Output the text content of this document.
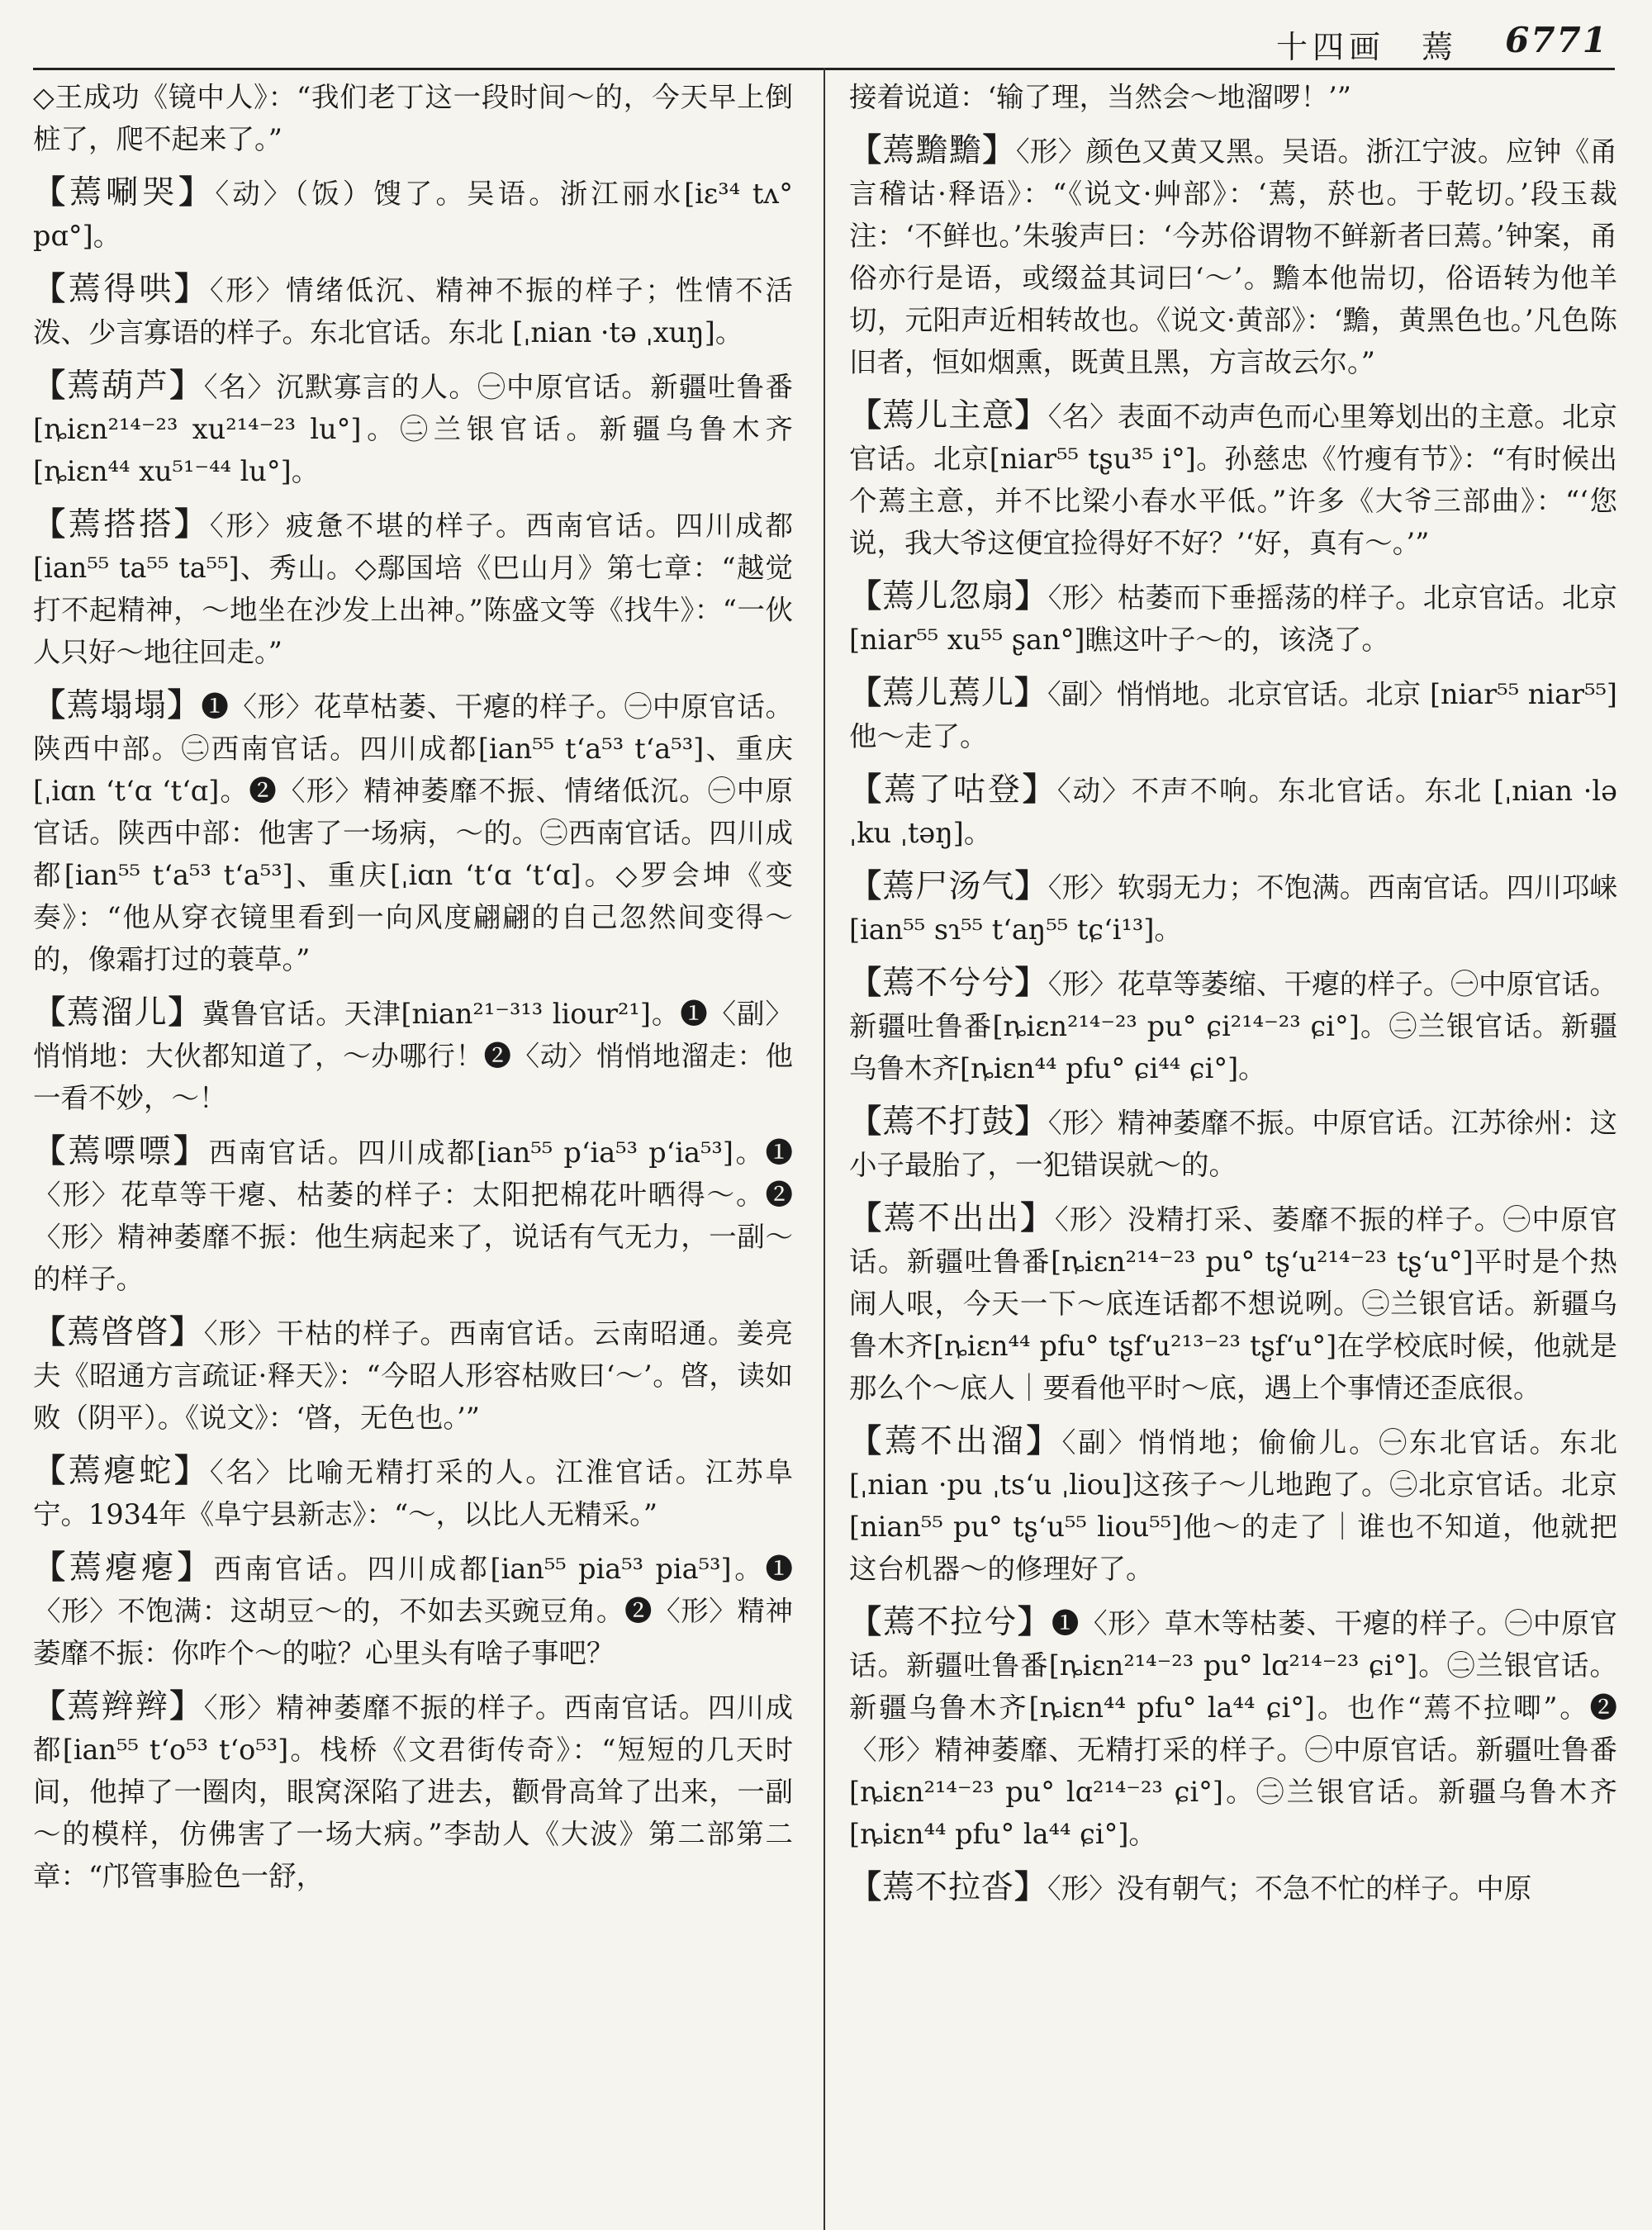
十四画　蔫 6771
◇王成功《镜中人》：“我们老丁这一段时间～的，今天早上倒桩了，爬不起来了。”
【蔫唰哭】〈动〉（饭）馊了。吴语。浙江丽水[iɛ³⁴ tʌ° pɑ°]。
【蔫得哄】〈形〉情绪低沉、精神不振的样子；性情不活泼、少言寡语的样子。东北官话。东北 [ˌnian ·tə ˌxuŋ]。
【蔫葫芦】〈名〉沉默寡言的人。㊀中原官话。新疆吐鲁番[ȵiɛn²¹⁴⁻²³ xu²¹⁴⁻²³ lu°]。㊁兰银官话。新疆乌鲁木齐[ȵiɛn⁴⁴ xu⁵¹⁻⁴⁴ lu°]。
【蔫搭搭】〈形〉疲惫不堪的样子。西南官话。四川成都[ian⁵⁵ ta⁵⁵ ta⁵⁵]、秀山。◇鄢国培《巴山月》第七章：“越觉打不起精神，～地坐在沙发上出神。”陈盛文等《找牛》：“一伙人只好～地往回走。”
【蔫塌塌】❶〈形〉花草枯萎、干瘪的样子。㊀中原官话。陕西中部。㊁西南官话。四川成都[ian⁵⁵ tʻa⁵³ tʻa⁵³]、重庆[ˌiɑn ʻtʻɑ ʻtʻɑ]。❷〈形〉精神萎靡不振、情绪低沉。㊀中原官话。陕西中部：他害了一场病，～的。㊁西南官话。四川成都[ian⁵⁵ tʻa⁵³ tʻa⁵³]、重庆[ˌiɑn ʻtʻɑ ʻtʻɑ]。◇罗会坤《变奏》：“他从穿衣镜里看到一向风度翩翩的自己忽然间变得～的，像霜打过的蓑草。”
【蔫溜儿】冀鲁官话。天津[nian²¹⁻³¹³ liour²¹]。❶〈副〉悄悄地：大伙都知道了，～办哪行！❷〈动〉悄悄地溜走：他一看不妙，～！
【蔫嘌嘌】西南官话。四川成都[ian⁵⁵ pʻia⁵³ pʻia⁵³]。❶〈形〉花草等干瘪、枯萎的样子：太阳把棉花叶晒得～。❷〈形〉精神萎靡不振：他生病起来了，说话有气无力，一副～的样子。
【蔫晵晵】〈形〉干枯的样子。西南官话。云南昭通。姜亮夫《昭通方言疏证·释天》：“今昭人形容枯败曰‘～’。晵，读如败（阴平）。《说文》：‘晵，无色也。’”
【蔫瘪蛇】〈名〉比喻无精打采的人。江淮官话。江苏阜宁。1934年《阜宁县新志》：“～，以比人无精采。”
【蔫瘪瘪】西南官话。四川成都[ian⁵⁵ pia⁵³ pia⁵³]。❶〈形〉不饱满：这胡豆～的，不如去买豌豆角。❷〈形〉精神萎靡不振：你咋个～的啦？心里头有啥子事吧？
【蔫辫辫】〈形〉精神萎靡不振的样子。西南官话。四川成都[ian⁵⁵ tʻo⁵³ tʻo⁵³]。栈桥《文君街传奇》：“短短的几天时间，他掉了一圈肉，眼窝深陷了进去，颧骨高耸了出来，一副～的模样，仿佛害了一场大病。”李劼人《大波》第二部第二章：“邝管事脸色一舒，
接着说道：‘输了理，当然会～地溜啰！’”
【蔫黵黵】〈形〉颜色又黄又黑。吴语。浙江宁波。应钟《甬言稽诂·释语》：“《说文·艸部》：‘蔫，菸也。于乾切。’段玉裁注：‘不鲜也。’朱骏声曰：‘今苏俗谓物不鲜新者曰蔫。’钟案，甬俗亦行是语，或缀益其词曰‘～’。黵本他耑切，俗语转为他羊切，元阳声近相转故也。《说文·黄部》：‘黵，黄黑色也。’凡色陈旧者，恒如烟熏，既黄且黑，方言故云尔。”
【蔫儿主意】〈名〉表面不动声色而心里筹划出的主意。北京官话。北京[niar⁵⁵ tʂu³⁵ i°]。孙慈忠《竹瘦有节》：“有时候出个蔫主意，并不比梁小春水平低。”许多《大爷三部曲》：“‘您说，我大爷这便宜捡得好不好？’‘好，真有～。’”
【蔫儿忽扇】〈形〉枯萎而下垂摇荡的样子。北京官话。北京[niar⁵⁵ xu⁵⁵ ʂan°]瞧这叶子～的，该浇了。
【蔫儿蔫儿】〈副〉悄悄地。北京官话。北京 [niar⁵⁵ niar⁵⁵]他～走了。
【蔫了咕登】〈动〉不声不响。东北官话。东北 [ˌnian ·lə ˌku ˌtəŋ]。
【蔫尸汤气】〈形〉软弱无力；不饱满。西南官话。四川邛崃[ian⁵⁵ sɿ⁵⁵ tʻaŋ⁵⁵ tɕʻi¹³]。
【蔫不兮兮】〈形〉花草等萎缩、干瘪的样子。㊀中原官话。新疆吐鲁番[ȵiɛn²¹⁴⁻²³ pu° ɕi²¹⁴⁻²³ ɕi°]。㊁兰银官话。新疆乌鲁木齐[ȵiɛn⁴⁴ pfu° ɕi⁴⁴ ɕi°]。
【蔫不打鼓】〈形〉精神萎靡不振。中原官话。江苏徐州：这小子最胎了，一犯错误就～的。
【蔫不出出】〈形〉没精打采、萎靡不振的样子。㊀中原官话。新疆吐鲁番[ȵiɛn²¹⁴⁻²³ pu° tʂʻu²¹⁴⁻²³ tʂʻu°]平时是个热闹人哏，今天一下～底连话都不想说咧。㊁兰银官话。新疆乌鲁木齐[ȵiɛn⁴⁴ pfu° tʂfʻu²¹³⁻²³ tʂfʻu°]在学校底时候，他就是那么个～底人｜要看他平时～底，遇上个事情还歪底很。
【蔫不出溜】〈副〉悄悄地；偷偷儿。㊀东北官话。东北[ˌnian ·pu ˌtsʻu ˌliou]这孩子～儿地跑了。㊁北京官话。北京 [nian⁵⁵ pu° tʂʻu⁵⁵ liou⁵⁵]他～的走了｜谁也不知道，他就把这台机器～的修理好了。
【蔫不拉兮】❶〈形〉草木等枯萎、干瘪的样子。㊀中原官话。新疆吐鲁番[ȵiɛn²¹⁴⁻²³ pu° lɑ²¹⁴⁻²³ ɕi°]。㊁兰银官话。新疆乌鲁木齐[ȵiɛn⁴⁴ pfu° la⁴⁴ ɕi°]。也作“蔫不拉唧”。❷〈形〉精神萎靡、无精打采的样子。㊀中原官话。新疆吐鲁番[ȵiɛn²¹⁴⁻²³ pu° lɑ²¹⁴⁻²³ ɕi°]。㊁兰银官话。新疆乌鲁木齐[ȵiɛn⁴⁴ pfu° la⁴⁴ ɕi°]。
【蔫不拉沓】〈形〉没有朝气；不急不忙的样子。中原
